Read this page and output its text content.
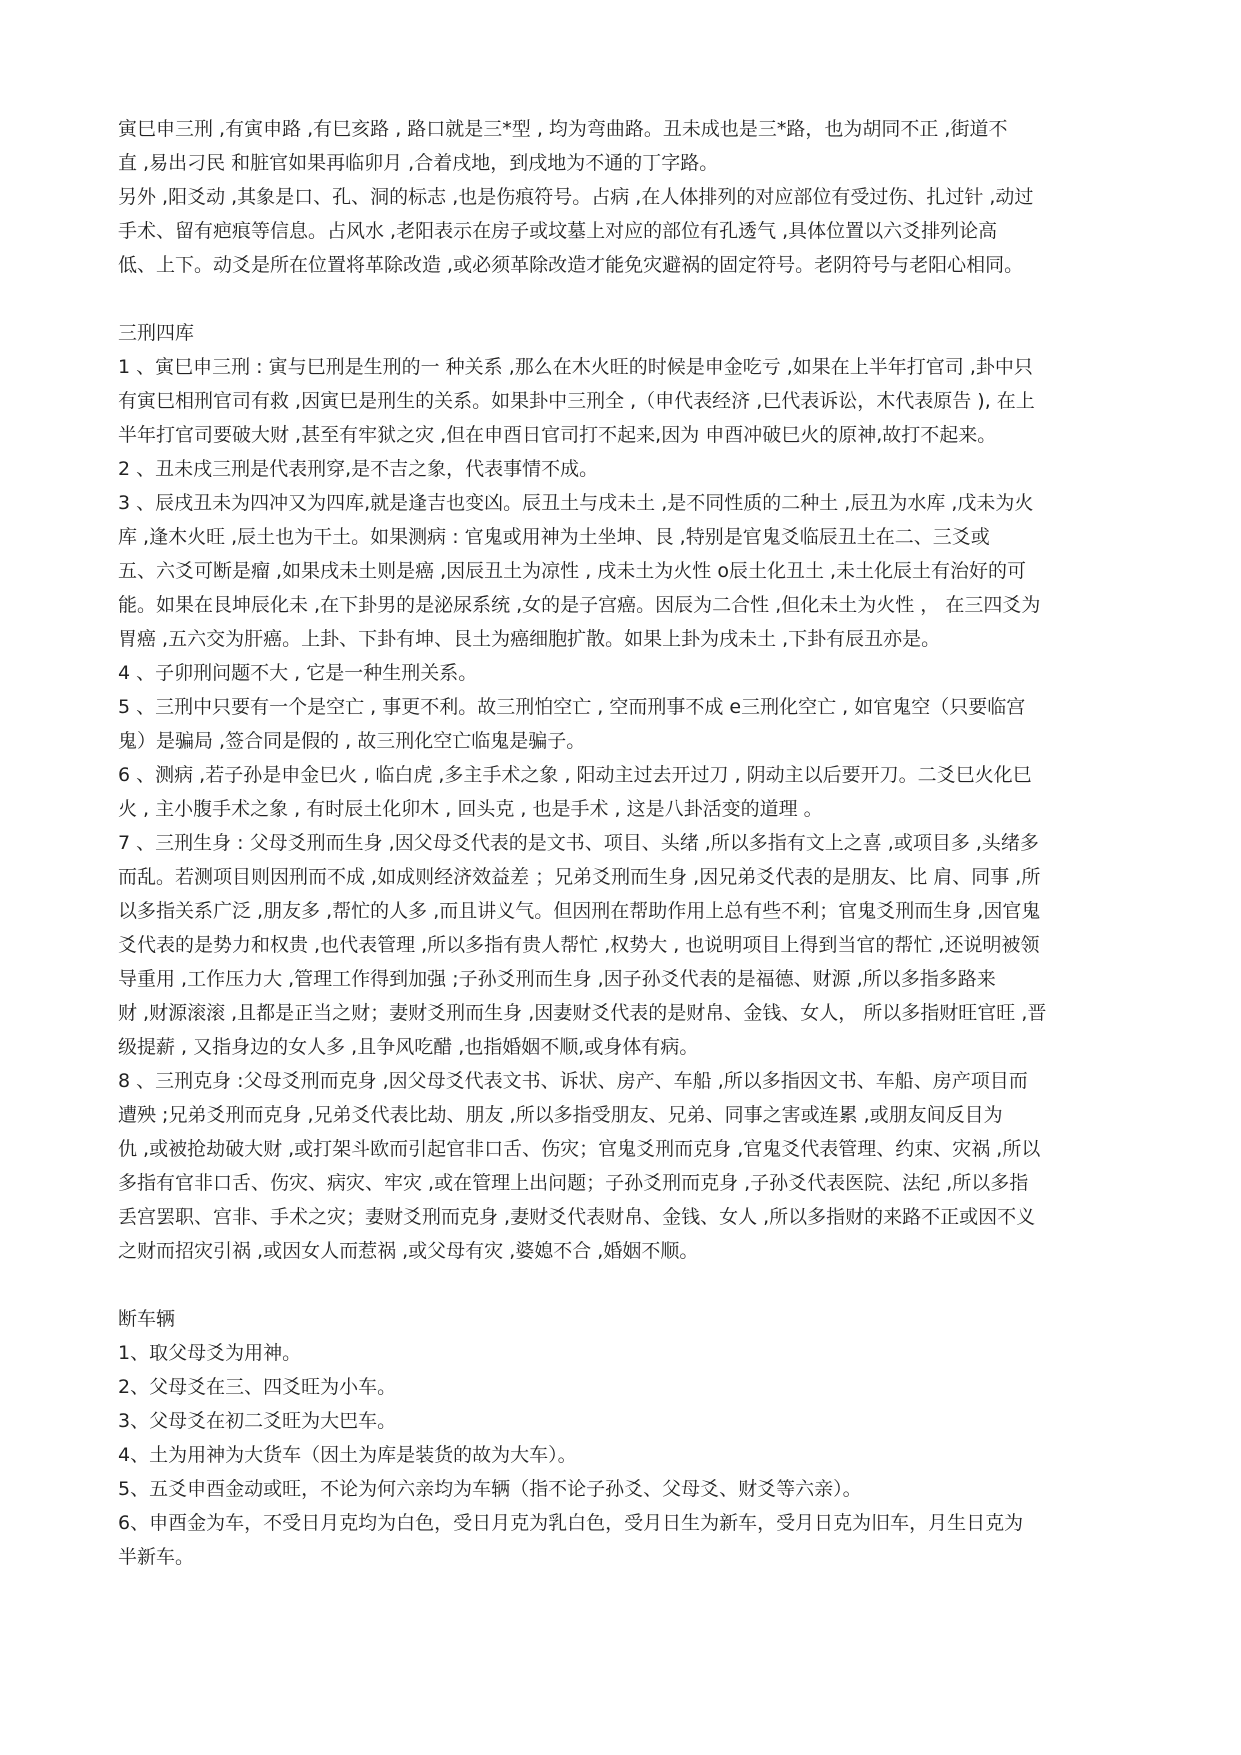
寅巳申三刑 ,有寅申路 ,有巳亥路 , 路口就是三*型 , 均为弯曲路。丑未成也是三*路，也为胡同不正 ,街道不
直 ,易出刁民 和脏官如果再临卯月 ,合着戌地，到戌地为不通的丁字路。
另外 ,阳爻动 ,其象是口、孔、洞的标志 ,也是伤痕符号。占病 ,在人体排列的对应部位有受过伤、扎过针 ,动过
手术、留有疤痕等信息。占风水 ,老阳表示在房子或坟墓上对应的部位有孔透气 ,具体位置以六爻排列论高
低、上下。动爻是所在位置将革除改造 ,或必须革除改造才能免灾避祸的固定符号。老阴符号与老阳心相同。
三刑四库
1 、寅巳申三刑 : 寅与巳刑是生刑的一 种关系 ,那么在木火旺的时候是申金吃亏 ,如果在上半年打官司 ,卦中只
有寅巳相刑官司有救 ,因寅巳是刑生的关系。如果卦中三刑全 ,（申代表经济 ,巳代表诉讼，木代表原告 ), 在上
半年打官司要破大财 ,甚至有牢狱之灾 ,但在申酉日官司打不起来,因为 申酉冲破巳火的原神,故打不起来。
2 、丑未戌三刑是代表刑穿,是不吉之象，代表事情不成。
3 、辰戌丑未为四冲又为四库,就是逢吉也变凶。辰丑土与戌未土 ,是不同性质的二种土 ,辰丑为水库 ,戊未为火
库 ,逢木火旺 ,辰土也为干土。如果测病 : 官鬼或用神为土坐坤、艮 ,特别是官鬼爻临辰丑土在二、三爻或
五、六爻可断是瘤 ,如果戌未土则是癌 ,因辰丑土为凉性 , 戌未土为火性 o辰土化丑土 ,未土化辰土有治好的可
能。如果在艮坤辰化未 ,在下卦男的是泌尿系统 ,女的是子宫癌。因辰为二合性 ,但化未土为火性 ， 在三四爻为
胃癌 ,五六交为肝癌。上卦、下卦有坤、艮土为癌细胞扩散。如果上卦为戌未土 ,下卦有辰丑亦是。
4 、子卯刑问题不大 , 它是一种生刑关系。
5 、三刑中只要有一个是空亡 , 事更不利。故三刑怕空亡 , 空而刑事不成 e三刑化空亡 , 如官鬼空（只要临宫
鬼）是骗局 ,签合同是假的 , 故三刑化空亡临鬼是骗子。
6 、测病 ,若子孙是申金巳火 , 临白虎 ,多主手术之象 , 阳动主过去开过刀 , 阴动主以后要开刀。二爻巳火化巳
火 , 主小腹手术之象 , 有时辰土化卯木 , 回头克 , 也是手术 , 这是八卦活变的道理 。
7 、三刑生身 : 父母爻刑而生身 ,因父母爻代表的是文书、项目、头绪 ,所以多指有文上之喜 ,或项目多 ,头绪多
而乱。若测项目则因刑而不成 ,如成则经济效益差 ；兄弟爻刑而生身 ,因兄弟爻代表的是朋友、比 肩、同事 ,所
以多指关系广泛 ,朋友多 ,帮忙的人多 ,而且讲义气。但因刑在帮助作用上总有些不利；官鬼爻刑而生身 ,因官鬼
爻代表的是势力和权贵 ,也代表管理 ,所以多指有贵人帮忙 ,权势大 , 也说明项目上得到当官的帮忙 ,还说明被领
导重用 ,工作压力大 ,管理工作得到加强 ;子孙爻刑而生身 ,因子孙爻代表的是福德、财源 ,所以多指多路来
财 ,财源滚滚 ,且都是正当之财；妻财爻刑而生身 ,因妻财爻代表的是财帛、金钱、女人， 所以多指财旺官旺 ,晋
级提薪 , 又指身边的女人多 ,且争风吃醋 ,也指婚姻不顺,或身体有病。
8 、三刑克身 :父母爻刑而克身 ,因父母爻代表文书、诉状、房产、车船 ,所以多指因文书、车船、房产项目而
遭殃 ;兄弟爻刑而克身 ,兄弟爻代表比劫、朋友 ,所以多指受朋友、兄弟、同事之害或连累 ,或朋友间反目为
仇 ,或被抢劫破大财 ,或打架斗欧而引起官非口舌、伤灾；官鬼爻刑而克身 ,官鬼爻代表管理、约束、灾祸 ,所以
多指有官非口舌、伤灾、病灾、牢灾 ,或在管理上出问题；子孙爻刑而克身 ,子孙爻代表医院、法纪 ,所以多指
丢宫罢职、宫非、手术之灾；妻财爻刑而克身 ,妻财爻代表财帛、金钱、女人 ,所以多指财的来路不正或因不义
之财而招灾引祸 ,或因女人而惹祸 ,或父母有灾 ,婆媳不合 ,婚姻不顺。
断车辆
1、取父母爻为用神。
2、父母爻在三、四爻旺为小车。
3、父母爻在初二爻旺为大巴车。
4、土为用神为大货车（因土为库是装货的故为大车）。
5、五爻申酉金动或旺，不论为何六亲均为车辆（指不论子孙爻、父母爻、财爻等六亲）。
6、申酉金为车，不受日月克均为白色，受日月克为乳白色，受月日生为新车，受月日克为旧车，月生日克为
半新车。
